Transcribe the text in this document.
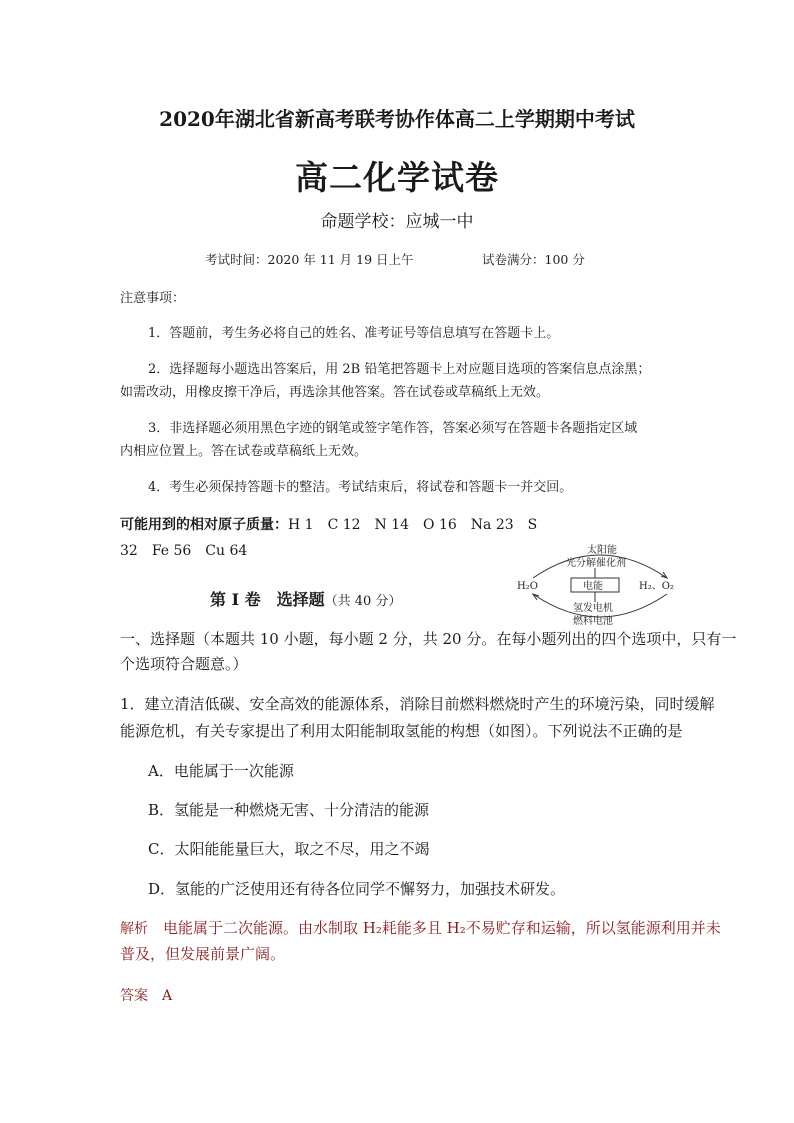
2020年湖北省新高考联考协作体高二上学期期中考试
高二化学试卷
命题学校：应城一中
考试时间：2020 年 11 月 19 日上午	试卷满分：100 分
注意事项：
1．答题前，考生务必将自己的姓名、准考证号等信息填写在答题卡上。
2．选择题每小题选出答案后，用 2B 铅笔把答题卡上对应题目选项的答案信息点涂黑；
如需改动，用橡皮擦干净后，再选涂其他答案。答在试卷或草稿纸上无效。
3．非选择题必须用黑色字迹的钢笔或签字笔作答，答案必须写在答题卡各题指定区域
内相应位置上。答在试卷或草稿纸上无效。
4．考生必须保持答题卡的整洁。考试结束后，将试卷和答题卡一并交回。
可能用到的相对原子质量：H 1　C 12　N 14　O 16　Na 23　S
32　Fe 56　Cu 64	太阳能
光分解催化剂
H₂O	电能	H₂、O₂
氢发电机
燃料电池
第 Ⅰ 卷　选择题（共 40 分）
一、选择题（本题共 10 小题，每小题 2 分，共 20 分。在每小题列出的四个选项中，只有一
个选项符合题意。）
1．建立清洁低碳、安全高效的能源体系，消除目前燃料燃烧时产生的环境污染，同时缓解
能源危机，有关专家提出了利用太阳能制取氢能的构想（如图）。下列说法不正确的是
A．电能属于一次能源
B．氢能是一种燃烧无害、十分清洁的能源
C．太阳能能量巨大，取之不尽，用之不竭
D．氢能的广泛使用还有待各位同学不懈努力，加强技术研发。
解析　 电能属于二次能源。由水制取 H₂耗能多且 H₂不易贮存和运输，所以氢能源利用并未
普及，但发展前景广阔。
答案　 A
